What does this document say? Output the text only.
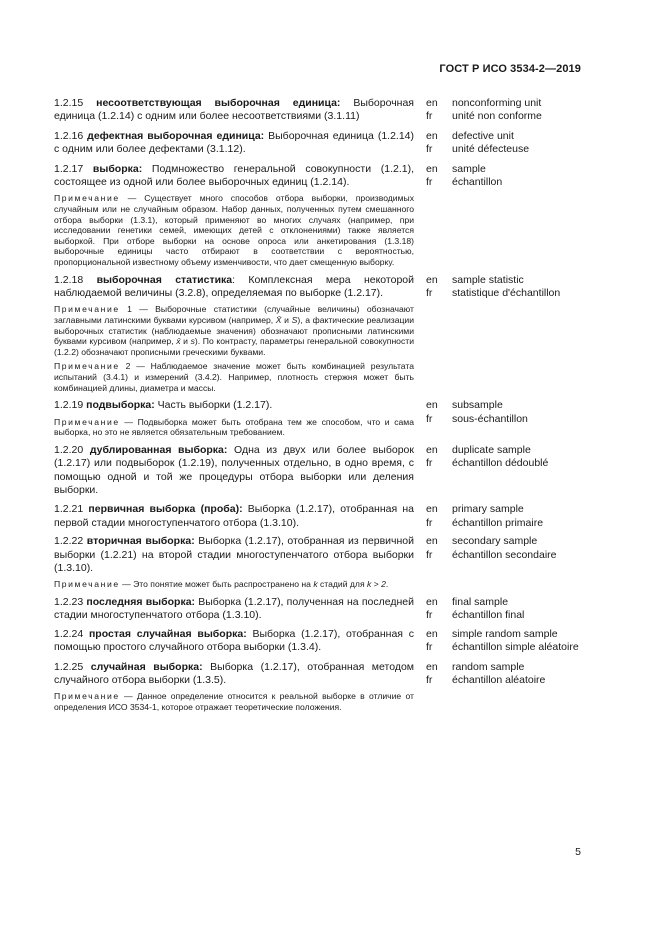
ГОСТ Р ИСО 3534-2—2019

1.2.15 несоответствующая выборочная единица: Выборочная единица (1.2.14) с одним или более несоответствиями (3.1.11)

en
fr
nonconforming unit
unité non conforme

1.2.16 дефектная выборочная единица: Выборочная единица (1.2.14) с одним или более дефектами (3.1.12).

en
fr
defective unit
unité défecteuse

1.2.17 выборка: Подмножество генеральной совокупности (1.2.1), состоящее из одной или более выборочных единиц (1.2.14).

Примечание — Существует много способов отбора выборки, производимых случайным или не случайным образом. Набор данных, полученных путем смешанного отбора выборки (1.3.1), который применяют во многих случаях (например, при исследовании генетики семей, имеющих детей с отклонениями) также является выборкой. При отборе выборки на основе опроса или анкетирования (1.3.18) выборочные единицы часто отбирают в соответствии с вероятностью, пропорциональной известному объему изменчивости, что дает смещенную выборку.

en
fr
sample
échantillon

1.2.18 выборочная статистика: Комплексная мера некоторой наблюдаемой величины (3.2.8), определяемая по выборке (1.2.17).

Примечание 1 — Выборочные статистики (случайные величины) обозначают заглавными латинскими буквами курсивом (например, X̄ и S), а фактические реализации выборочных статистик (наблюдаемые значения) обозначают прописными латинскими буквами курсивом (например, x̄ и s). По контрасту, параметры генеральной совокупности (1.2.2) обозначают прописными греческими буквами.

Примечание 2 — Наблюдаемое значение может быть комбинацией результата испытаний (3.4.1) и измерений (3.4.2). Например, плотность стержня может быть комбинацией длины, диаметра и массы.

en
fr
sample statistic
statistique d'échantillon

1.2.19 подвыборка: Часть выборки (1.2.17).

Примечание — Подвыборка может быть отобрана тем же способом, что и сама выборка, но это не является обязательным требованием.

en
fr
subsample
sous-échantillon

1.2.20 дублированная выборка: Одна из двух или более выборок (1.2.17) или подвыборок (1.2.19), полученных отдельно, в одно время, с помощью одной и той же процедуры отбора выборки или деления выборки.

en
fr
duplicate sample
échantillon dédoublé

1.2.21 первичная выборка (проба): Выборка (1.2.17), отобранная на первой стадии многоступенчатого отбора (1.3.10).

en
fr
primary sample
échantillon primaire

1.2.22 вторичная выборка: Выборка (1.2.17), отобранная из первичной выборки (1.2.21) на второй стадии многоступенчатого отбора выборки (1.3.10).

Примечание — Это понятие может быть распространено на k стадий для k > 2.

en
fr
secondary sample
échantillon secondaire

1.2.23 последняя выборка: Выборка (1.2.17), полученная на последней стадии многоступенчатого отбора (1.3.10).

en
fr
final sample
échantillon final

1.2.24 простая случайная выборка: Выборка (1.2.17), отобранная с помощью простого случайного отбора выборки (1.3.4).

en
fr
simple random sample
échantillon simple aléatoire

1.2.25 случайная выборка: Выборка (1.2.17), отобранная методом случайного отбора выборки (1.3.5).

Примечание — Данное определение относится к реальной выборке в отличие от определения ИСО 3534-1, которое отражает теоретические положения.

en
fr
random sample
échantillon aléatoire
5
